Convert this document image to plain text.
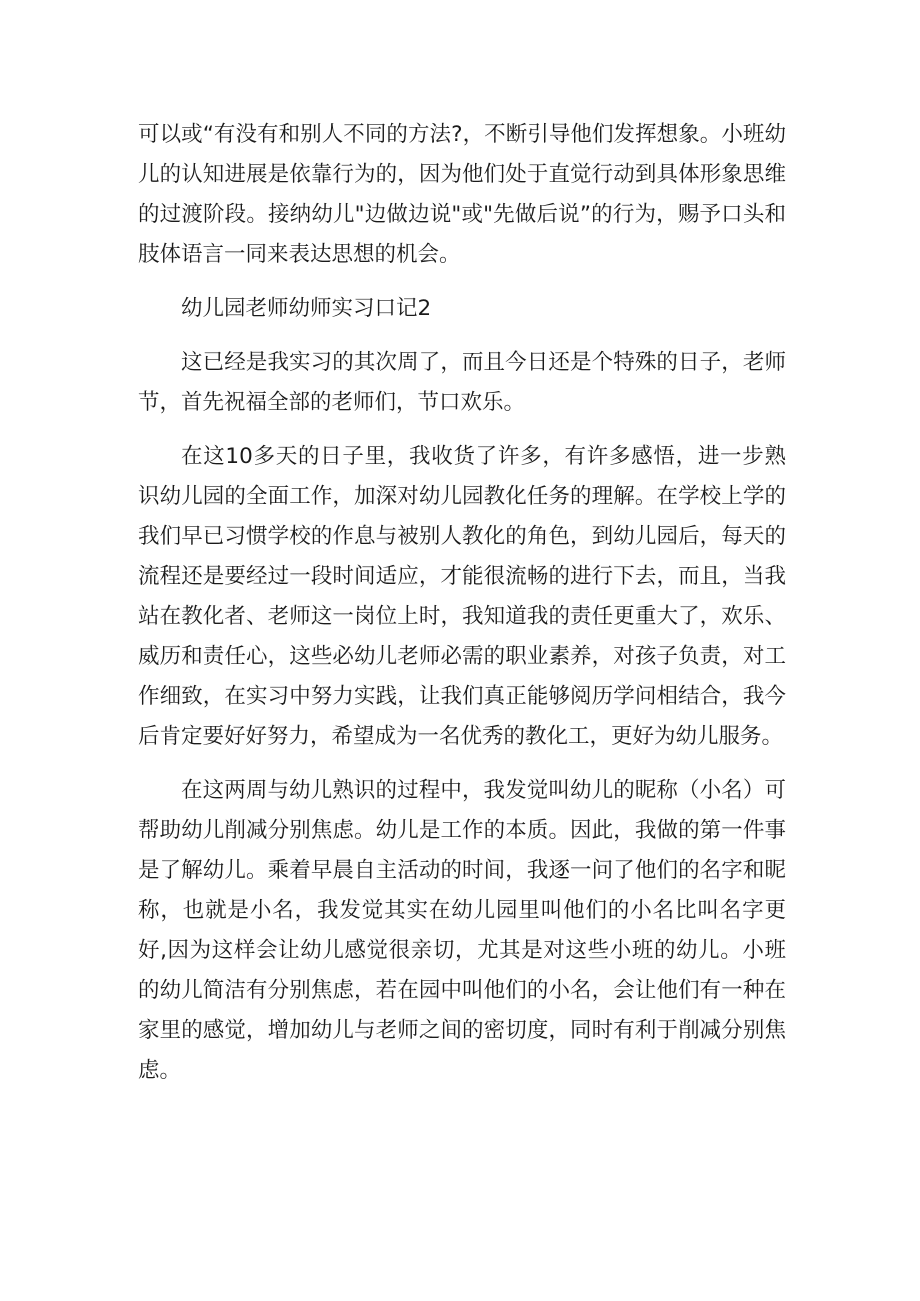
可以或“有没有和别人不同的方法?，不断引导他们发挥想象。小班幼儿的认知进展是依靠行为的，因为他们处于直觉行动到具体形象思维的过渡阶段。接纳幼儿"边做边说"或"先做后说”的行为，赐予口头和肢体语言一同来表达思想的机会。

幼儿园老师幼师实习口记2

这已经是我实习的其次周了，而且今日还是个特殊的日子，老师节，首先祝福全部的老师们，节口欢乐。

在这10多天的日子里，我收货了许多，有许多感悟，进一步熟识幼儿园的全面工作，加深对幼儿园教化任务的理解。在学校上学的我们早已习惯学校的作息与被别人教化的角色，到幼儿园后，每天的流程还是要经过一段时间适应，才能很流畅的进行下去，而且，当我站在教化者、老师这一岗位上时，我知道我的责任更重大了，欢乐、威历和责任心，这些必幼儿老师必需的职业素养，对孩子负责，对工作细致，在实习中努力实践，让我们真正能够阅历学问相结合，我今后肯定要好好努力，希望成为一名优秀的教化工，更好为幼儿服务。

在这两周与幼儿熟识的过程中，我发觉叫幼儿的昵称（小名）可帮助幼儿削减分别焦虑。幼儿是工作的本质。因此，我做的第一件事是了解幼儿。乘着早晨自主活动的时间，我逐一问了他们的名字和昵称，也就是小名，我发觉其实在幼儿园里叫他们的小名比叫名字更好,因为这样会让幼儿感觉很亲切，尤其是对这些小班的幼儿。小班的幼儿简洁有分别焦虑，若在园中叫他们的小名，会让他们有一种在家里的感觉，增加幼儿与老师之间的密切度，同时有利于削减分别焦虑。
